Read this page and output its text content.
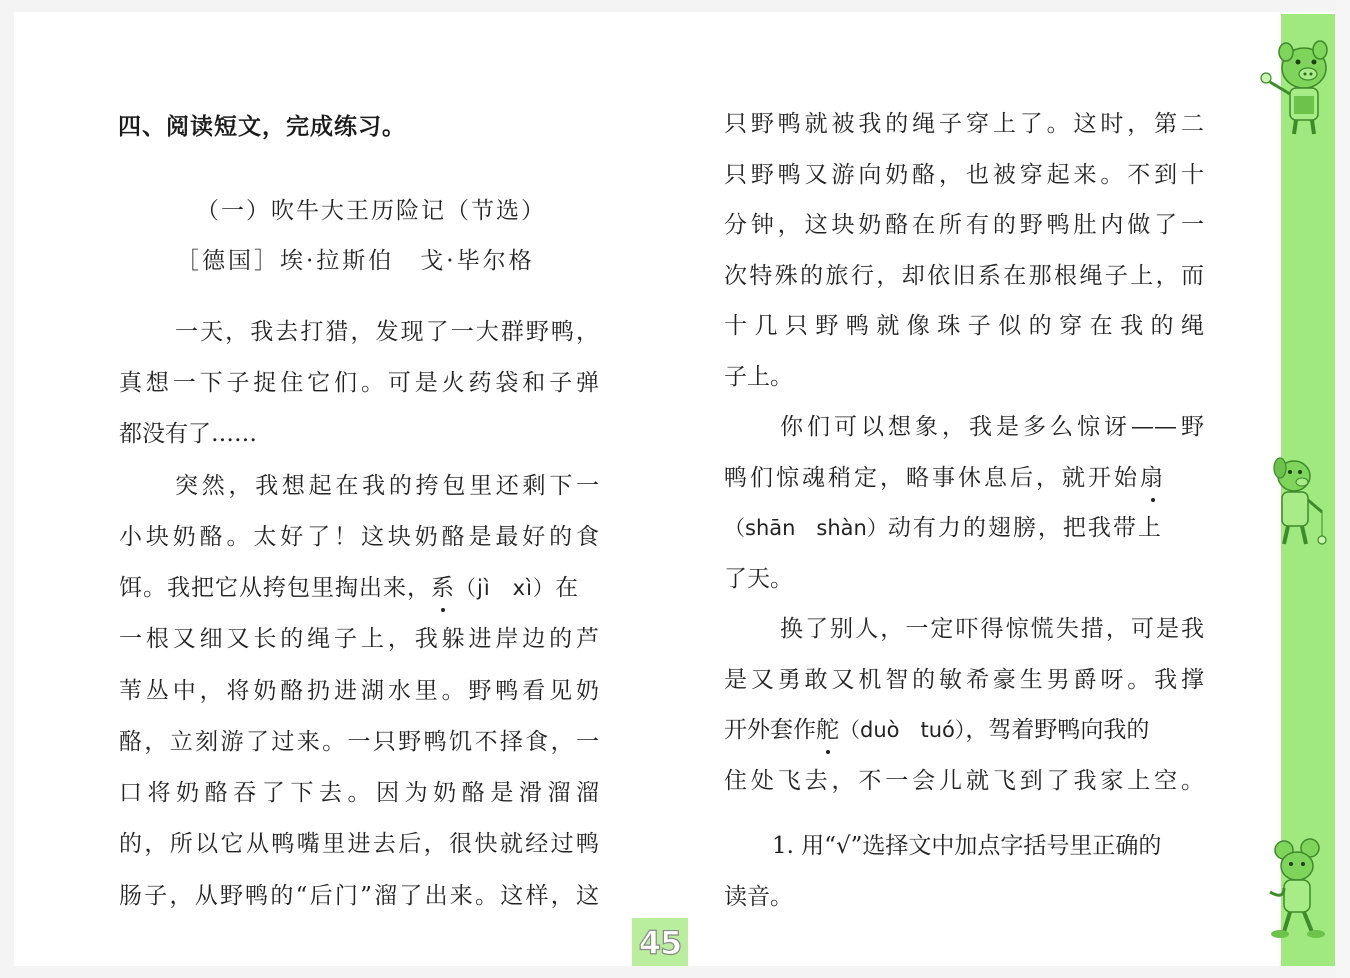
四、阅读短文，完成练习。
（一）吹牛大王历险记（节选）
［德国］埃·拉斯伯　戈·毕尔格
一天，我去打猎，发现了一大群野鸭，
真想一下子捉住它们。可是火药袋和子弹
都没有了……
突然，我想起在我的挎包里还剩下一
小块奶酪。太好了！这块奶酪是最好的食
饵。我把它从挎包里掏出来，系（jì　xì）在
一根又细又长的绳子上，我躲进岸边的芦
苇丛中，将奶酪扔进湖水里。野鸭看见奶
酪，立刻游了过来。一只野鸭饥不择食，一
口将奶酪吞了下去。因为奶酪是滑溜溜
的，所以它从鸭嘴里进去后，很快就经过鸭
肠子，从野鸭的“后门”溜了出来。这样，这
只野鸭就被我的绳子穿上了。这时，第二
只野鸭又游向奶酪，也被穿起来。不到十
分钟，这块奶酪在所有的野鸭肚内做了一
次特殊的旅行，却依旧系在那根绳子上，而
十几只野鸭就像珠子似的穿在我的绳
子上。
你们可以想象，我是多么惊讶——野
鸭们惊魂稍定，略事休息后，就开始扇
（shān　shàn）动有力的翅膀，把我带上
了天。
换了别人，一定吓得惊慌失措，可是我
是又勇敢又机智的敏希豪生男爵呀。我撑
开外套作舵（duò　tuó），驾着野鸭向我的
住处飞去，不一会儿就飞到了我家上空。
1. 用“√”选择文中加点字括号里正确的
读音。
45
